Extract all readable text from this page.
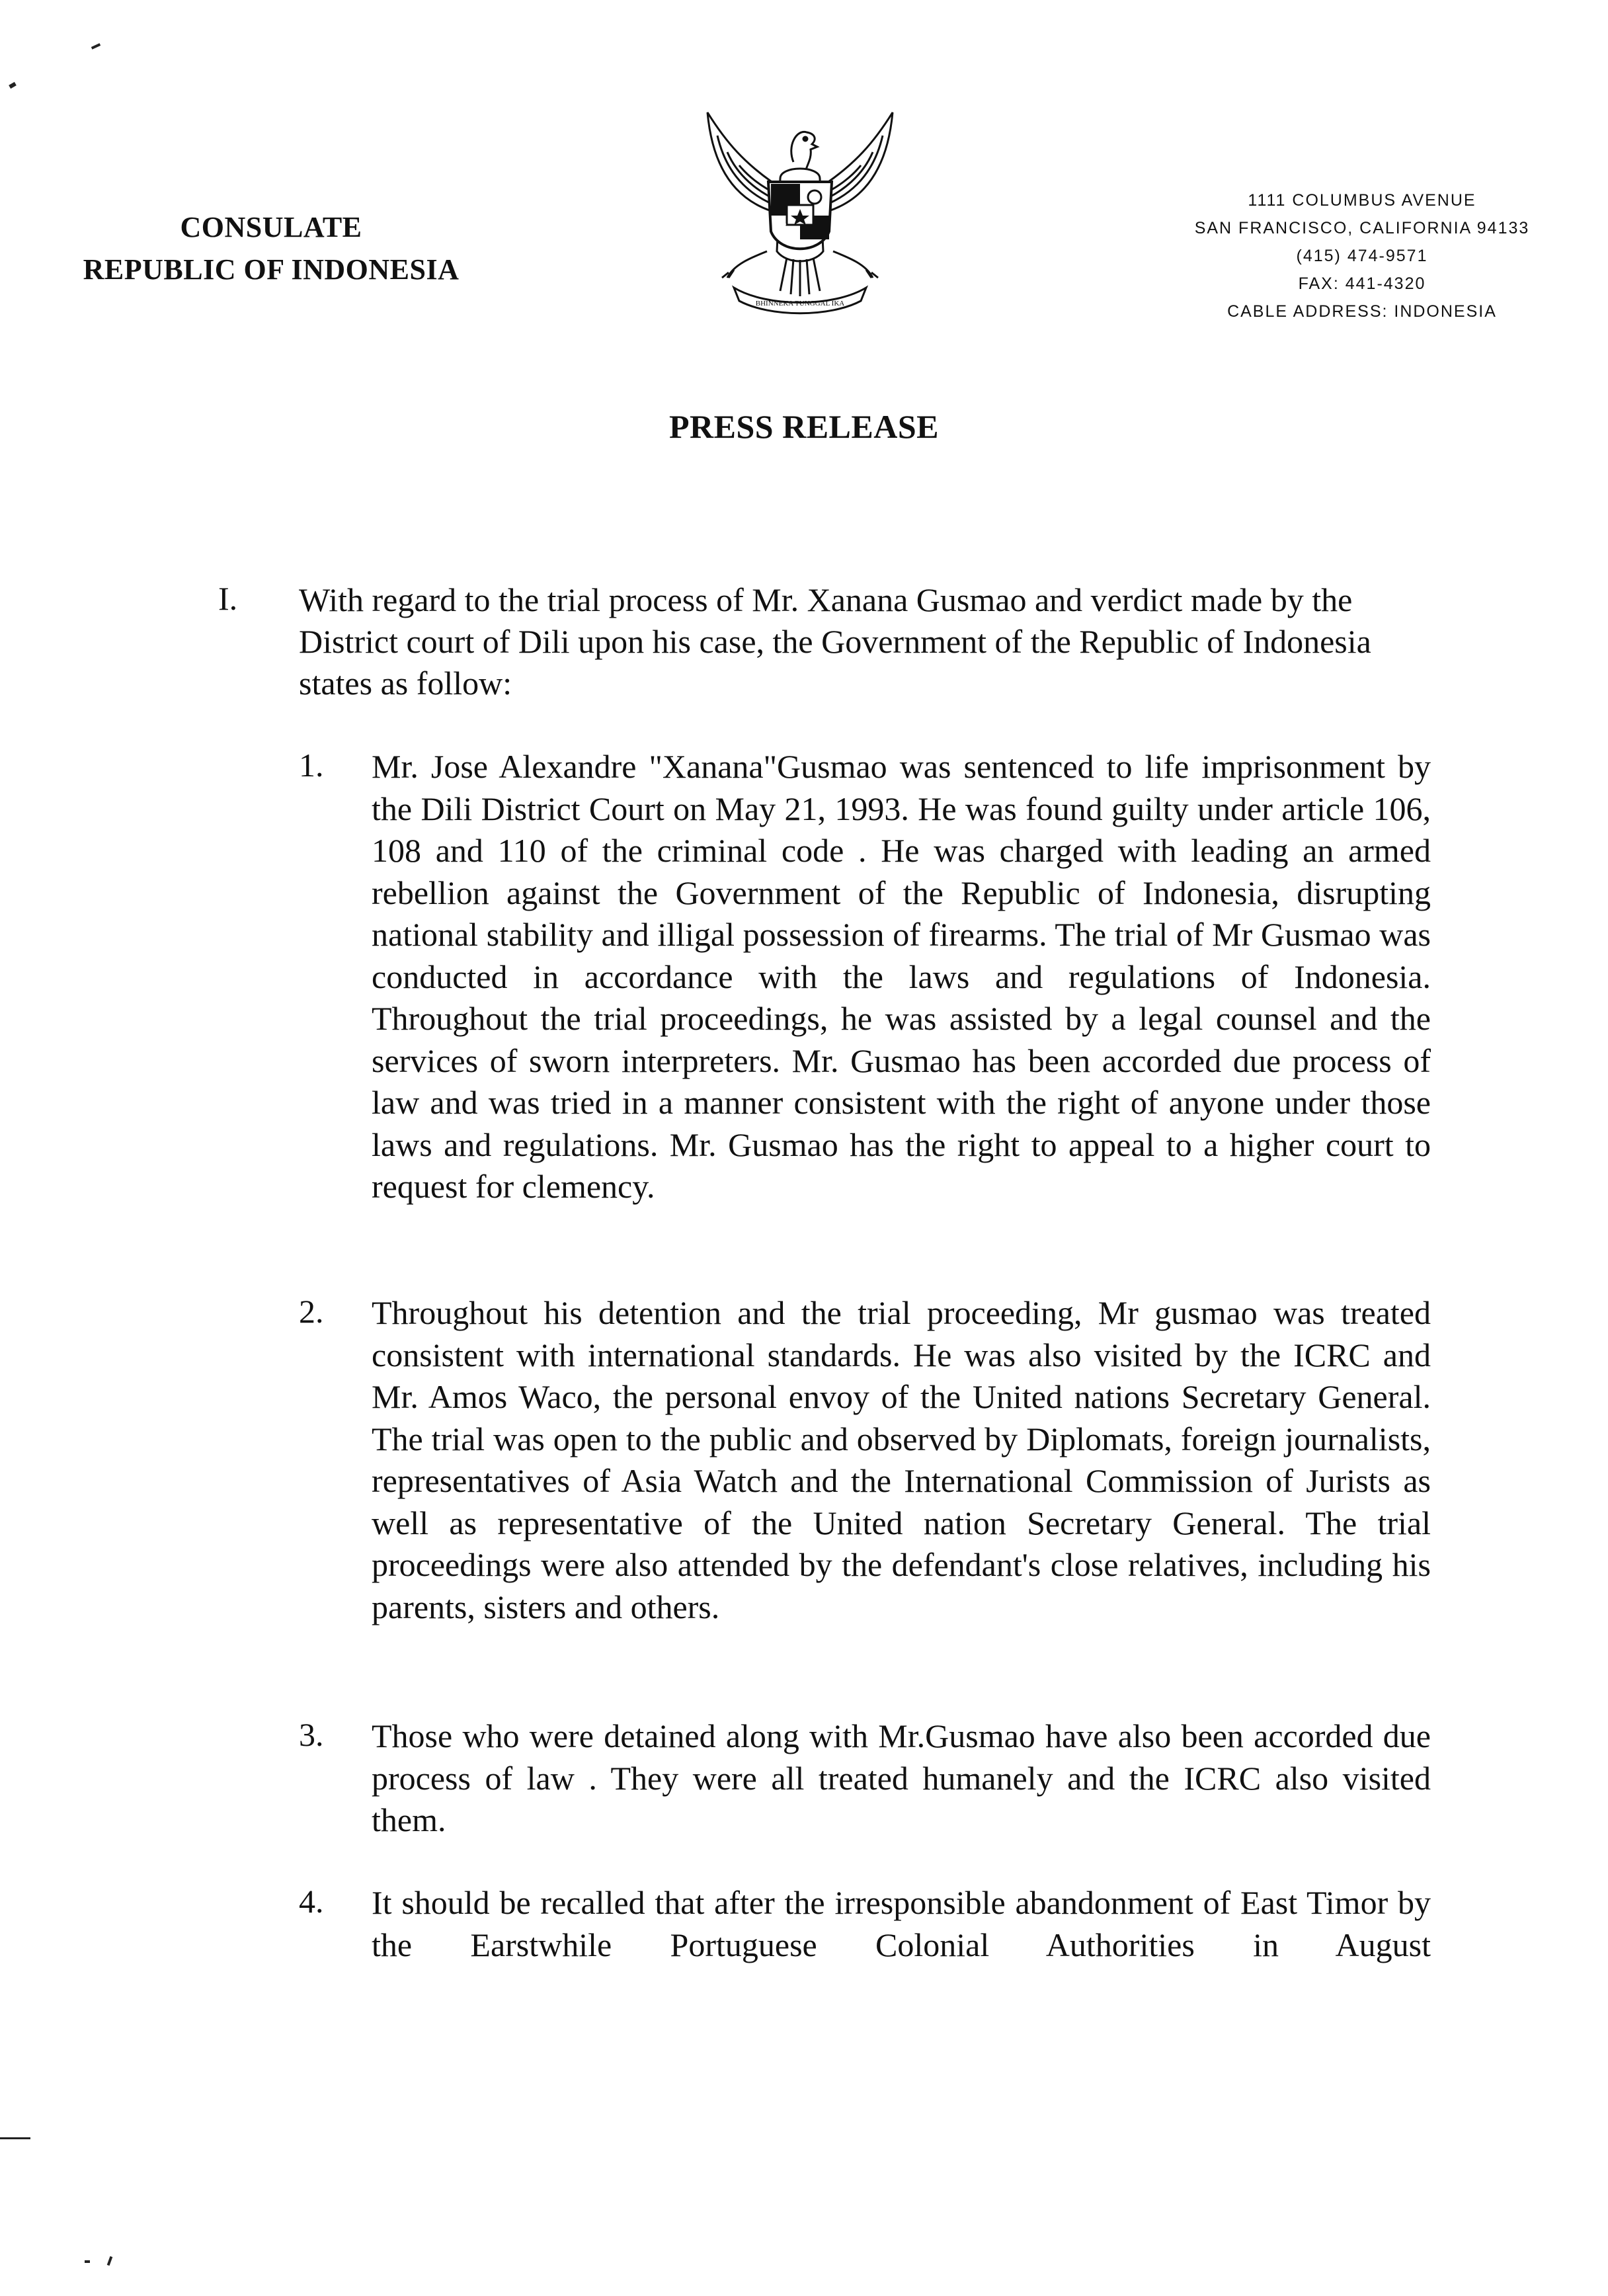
CONSULATE
REPUBLIC OF INDONESIA
BHINNEKA TUNGGAL IKA
1111 COLUMBUS AVENUE
SAN FRANCISCO, CALIFORNIA 94133
(415) 474-9571
FAX: 441-4320
CABLE ADDRESS: INDONESIA
PRESS RELEASE
I. With regard to the trial process of Mr. Xanana Gusmao and verdict made by the District court of Dili upon his case, the Government of the Republic of Indonesia states as follow:
1. Mr. Jose Alexandre "Xanana"Gusmao was sentenced to life imprisonment by the Dili District Court on May 21, 1993. He was found guilty under article 106, 108 and 110 of the criminal code . He was charged with leading an armed rebellion against the Government of the Republic of Indonesia, disrupting national stability and illigal possession of firearms. The trial of Mr Gusmao was conducted in accordance with the laws and regulations of Indonesia. Throughout the trial proceedings, he was assisted by a legal counsel and the services of sworn interpreters. Mr. Gusmao has been accorded due process of law and was tried in a manner consistent with the right of anyone under those laws and regulations. Mr. Gusmao has the right to appeal to a higher court to request for clemency.
2. Throughout his detention and the trial proceeding, Mr gusmao was treated consistent with international standards. He was also visited by the ICRC and Mr. Amos Waco, the personal envoy of the United nations Secretary General. The trial was open to the public and observed by Diplomats, foreign journalists, representatives of Asia Watch and the International Commission of Jurists as well as representative of the United nation Secretary General. The trial proceedings were also attended by the defendant's close relatives, including his parents, sisters and others.
3. Those who were detained along with Mr.Gusmao have also been accorded due process of law . They were all treated humanely and the ICRC also visited them.
4. It should be recalled that after the irresponsible abandonment of East Timor by the Earstwhile Portuguese Colonial Authorities in August
